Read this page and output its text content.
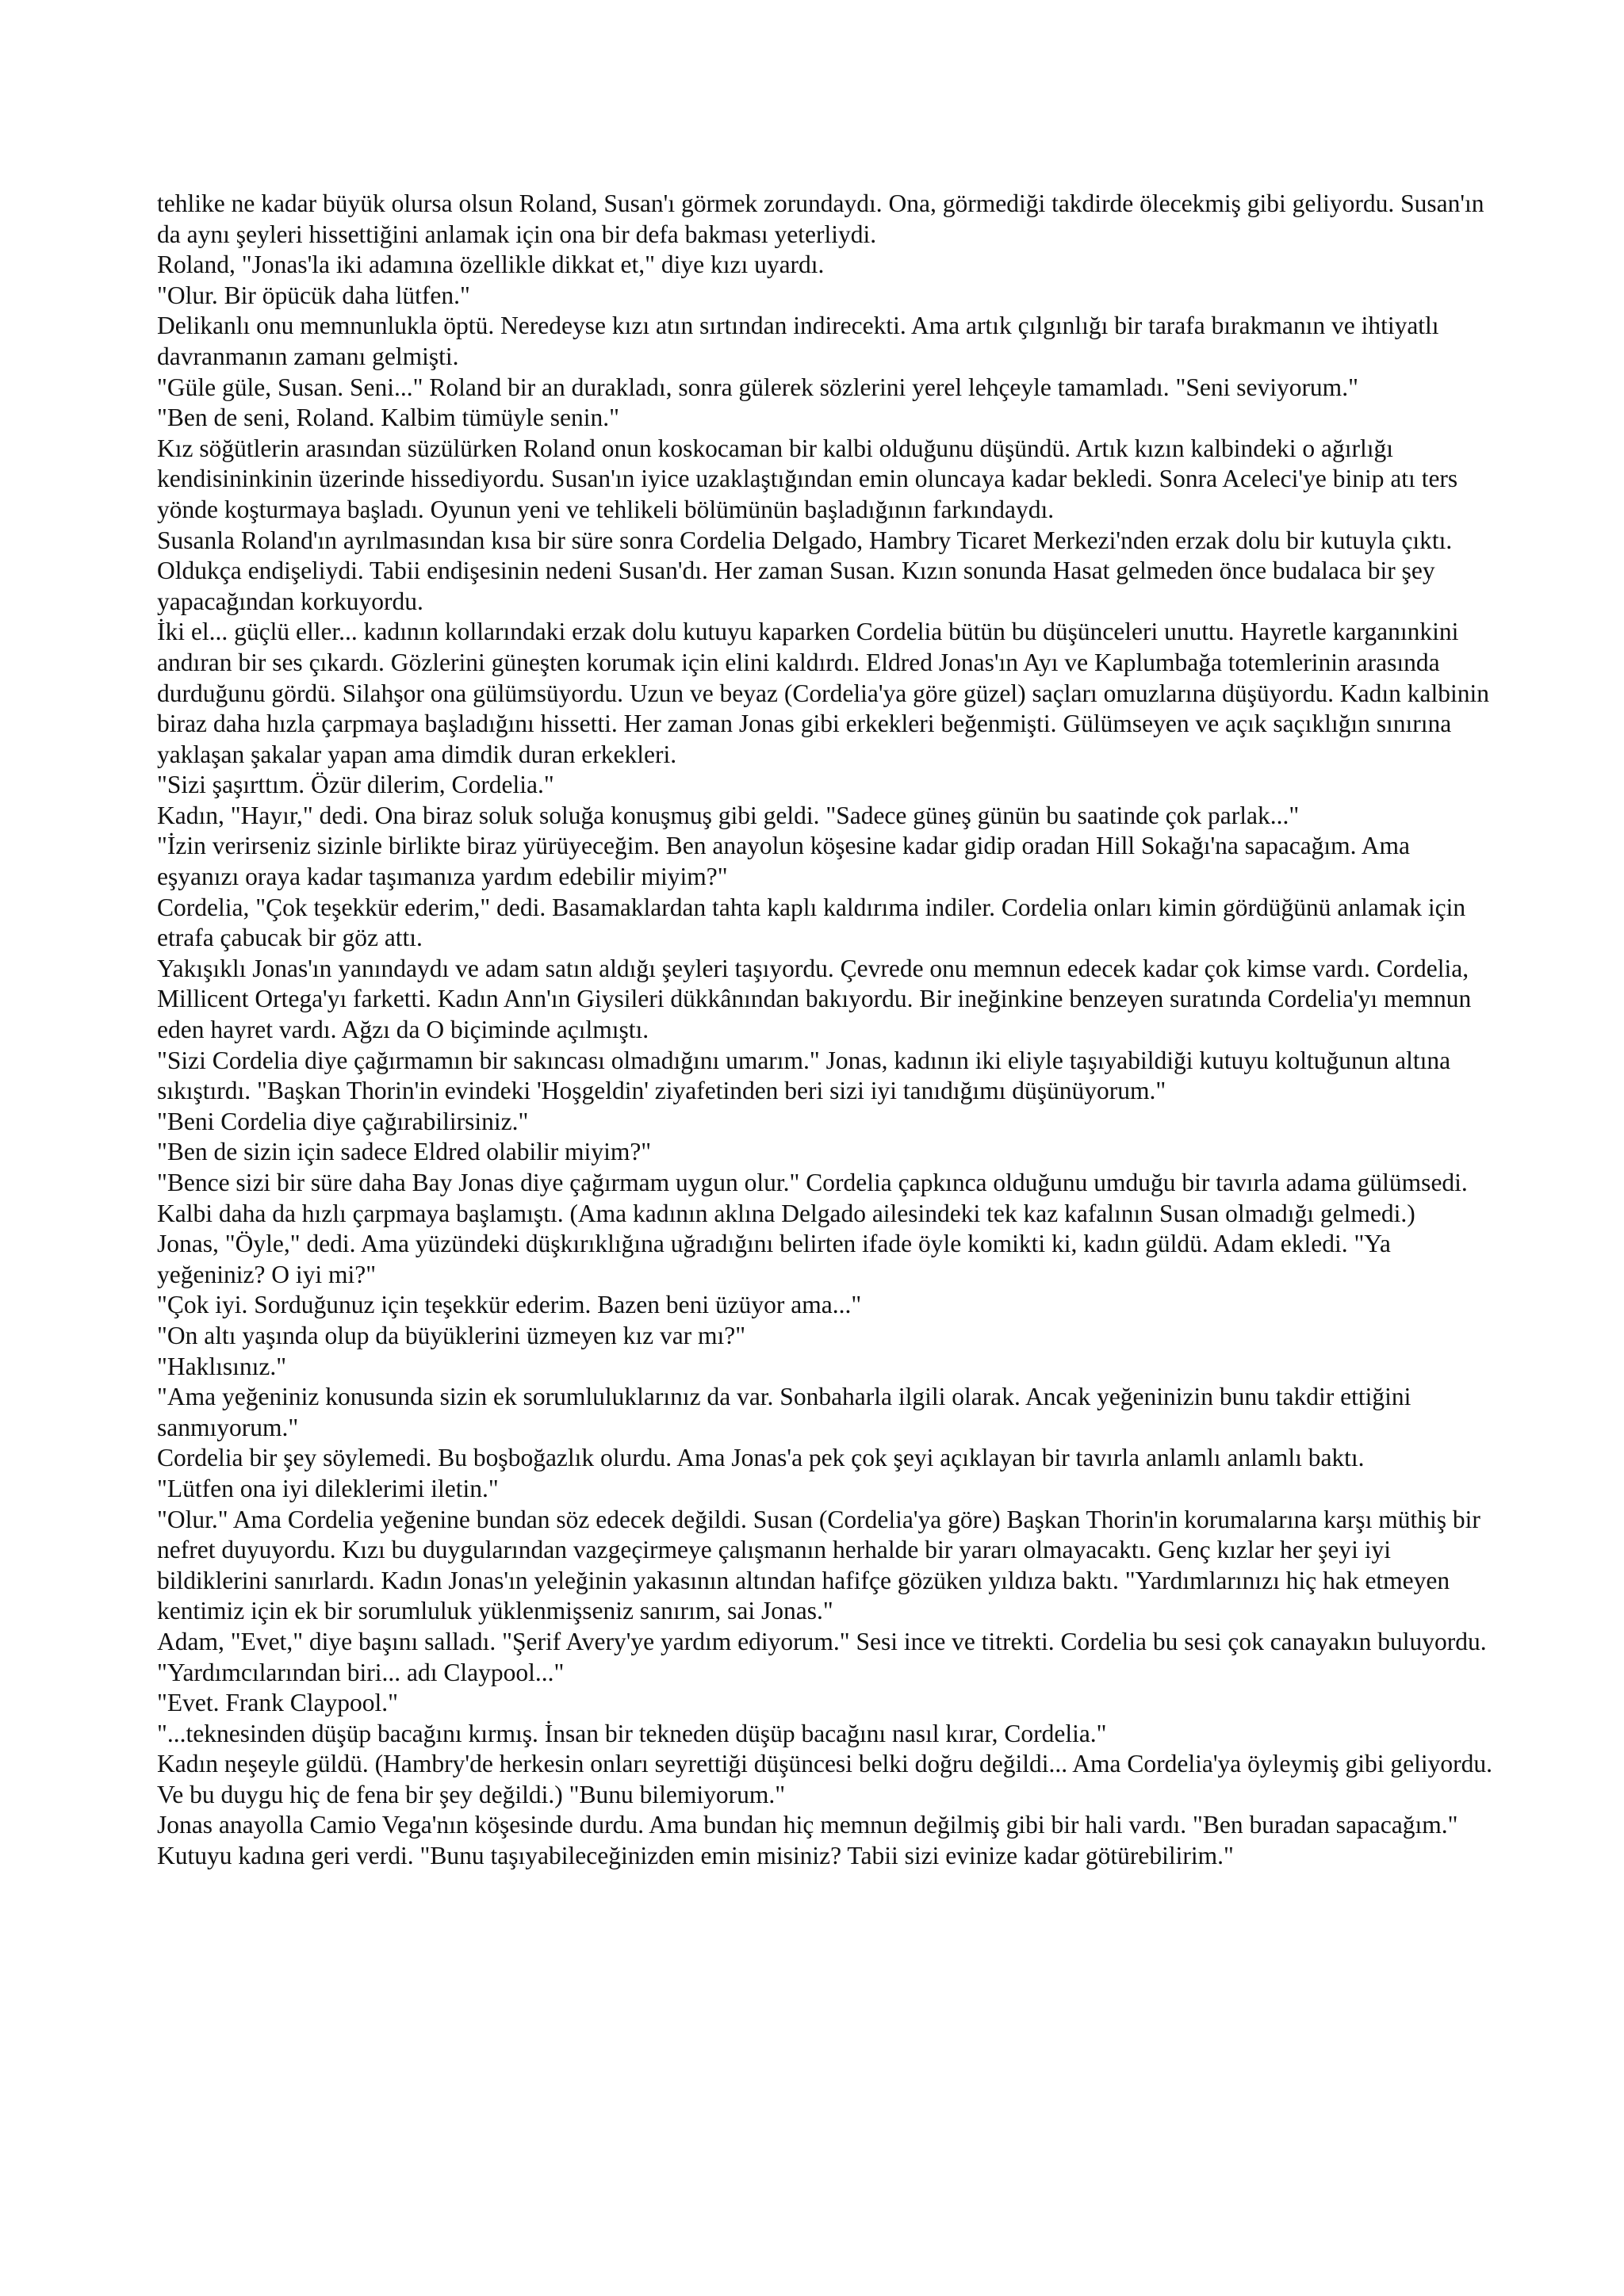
tehlike ne kadar büyük olursa olsun Roland, Susan'ı görmek zorundaydı. Ona, görmediği takdirde ölecekmiş gibi geliyordu. Susan'ın da aynı şeyleri hissettiğini anlamak için ona bir defa bakması yeterliydi.

Roland, "Jonas'la iki adamına özellikle dikkat et," diye kızı uyardı.

"Olur. Bir öpücük daha lütfen."

Delikanlı onu memnunlukla öptü. Neredeyse kızı atın sırtından indirecekti. Ama artık çılgınlığı bir tarafa bırakmanın ve ihtiyatlı davranmanın zamanı gelmişti.

"Güle güle, Susan. Seni..." Roland bir an durakladı, sonra gülerek sözlerini yerel lehçeyle tamamladı. "Seni seviyorum."

"Ben de seni, Roland. Kalbim tümüyle senin."

Kız söğütlerin arasından süzülürken Roland onun koskocaman bir kalbi olduğunu düşündü. Artık kızın kalbindeki o ağırlığı kendisininkinin üzerinde hissediyordu. Susan'ın iyice uzaklaştığından emin oluncaya kadar bekledi. Sonra Aceleci'ye binip atı ters yönde koşturmaya başladı. Oyunun yeni ve tehlikeli bölümünün başladığının farkındaydı.

Susanla Roland'ın ayrılmasından kısa bir süre sonra Cordelia Delgado, Hambry Ticaret Merkezi'nden erzak dolu bir kutuyla çıktı. Oldukça endişeliydi. Tabii endişesinin nedeni Susan'dı. Her zaman Susan. Kızın sonunda Hasat gelmeden önce budalaca bir şey yapacağından korkuyordu.

İki el... güçlü eller... kadının kollarındaki erzak dolu kutuyu kaparken Cordelia bütün bu düşünceleri unuttu. Hayretle karganınkini andıran bir ses çıkardı. Gözlerini güneşten korumak için elini kaldırdı. Eldred Jonas'ın Ayı ve Kaplumbağa totemlerinin arasında durduğunu gördü. Silahşor ona gülümsüyordu. Uzun ve beyaz (Cordelia'ya göre güzel) saçları omuzlarına düşüyordu. Kadın kalbinin biraz daha hızla çarpmaya başladığını hissetti. Her zaman Jonas gibi erkekleri beğenmişti. Gülümseyen ve açık saçıklığın sınırına yaklaşan şakalar yapan ama dimdik duran erkekleri.

"Sizi şaşırttım. Özür dilerim, Cordelia."

Kadın, "Hayır," dedi. Ona biraz soluk soluğa konuşmuş gibi geldi. "Sadece güneş günün bu saatinde çok parlak..."

"İzin verirseniz sizinle birlikte biraz yürüyeceğim. Ben anayolun köşesine kadar gidip oradan Hill Sokağı'na sapacağım. Ama eşyanızı oraya kadar taşımanıza yardım edebilir miyim?"

Cordelia, "Çok teşekkür ederim," dedi. Basamaklardan tahta kaplı kaldırıma indiler. Cordelia onları kimin gördüğünü anlamak için etrafa çabucak bir göz attı.

Yakışıklı Jonas'ın yanındaydı ve adam satın aldığı şeyleri taşıyordu. Çevrede onu memnun edecek kadar çok kimse vardı. Cordelia, Millicent Ortega'yı farketti. Kadın Ann'ın Giysileri dükkânından bakıyordu. Bir ineğinkine benzeyen suratında Cordelia'yı memnun eden hayret vardı. Ağzı da O biçiminde açılmıştı.

"Sizi Cordelia diye çağırmamın bir sakıncası olmadığını umarım." Jonas, kadının iki eliyle taşıyabildiği kutuyu koltuğunun altına sıkıştırdı. "Başkan Thorin'in evindeki 'Hoşgeldin' ziyafetinden beri sizi iyi tanıdığımı düşünüyorum."

"Beni Cordelia diye çağırabilirsiniz."

"Ben de sizin için sadece Eldred olabilir miyim?"

"Bence sizi bir süre daha Bay Jonas diye çağırmam uygun olur." Cordelia çapkınca olduğunu umduğu bir tavırla adama gülümsedi. Kalbi daha da hızlı çarpmaya başlamıştı. (Ama kadının aklına Delgado ailesindeki tek kaz kafalının Susan olmadığı gelmedi.)

Jonas, "Öyle," dedi. Ama yüzündeki düşkırıklığına uğradığını belirten ifade öyle komikti ki, kadın güldü. Adam ekledi. "Ya yeğeniniz? O iyi mi?"

"Çok iyi. Sorduğunuz için teşekkür ederim. Bazen beni üzüyor ama..."

"On altı yaşında olup da büyüklerini üzmeyen kız var mı?"

"Haklısınız."

"Ama yeğeniniz konusunda sizin ek sorumluluklarınız da var. Sonbaharla ilgili olarak. Ancak yeğeninizin bunu takdir ettiğini sanmıyorum."

Cordelia bir şey söylemedi. Bu boşboğazlık olurdu. Ama Jonas'a pek çok şeyi açıklayan bir tavırla anlamlı anlamlı baktı.

"Lütfen ona iyi dileklerimi iletin."

"Olur." Ama Cordelia yeğenine bundan söz edecek değildi. Susan (Cordelia'ya göre) Başkan Thorin'in korumalarına karşı müthiş bir nefret duyuyordu. Kızı bu duygularından vazgeçirmeye çalışmanın herhalde bir yararı olmayacaktı. Genç kızlar her şeyi iyi bildiklerini sanırlardı. Kadın Jonas'ın yeleğinin yakasının altından hafifçe gözüken yıldıza baktı. "Yardımlarınızı hiç hak etmeyen kentimiz için ek bir sorumluluk yüklenmişseniz sanırım, sai Jonas."

Adam, "Evet," diye başını salladı. "Şerif Avery'ye yardım ediyorum." Sesi ince ve titrekti. Cordelia bu sesi çok canayakın buluyordu. "Yardımcılarından biri... adı Claypool..."

"Evet. Frank Claypool."

"...teknesinden düşüp bacağını kırmış. İnsan bir tekneden düşüp bacağını nasıl kırar, Cordelia."

Kadın neşeyle güldü. (Hambry'de herkesin onları seyrettiği düşüncesi belki doğru değildi... Ama Cordelia'ya öyleymiş gibi geliyordu. Ve bu duygu hiç de fena bir şey değildi.) "Bunu bilemiyorum."

Jonas anayolla Camio Vega'nın köşesinde durdu. Ama bundan hiç memnun değilmiş gibi bir hali vardı. "Ben buradan sapacağım."

Kutuyu kadına geri verdi. "Bunu taşıyabileceğinizden emin misiniz? Tabii sizi evinize kadar götürebilirim."
